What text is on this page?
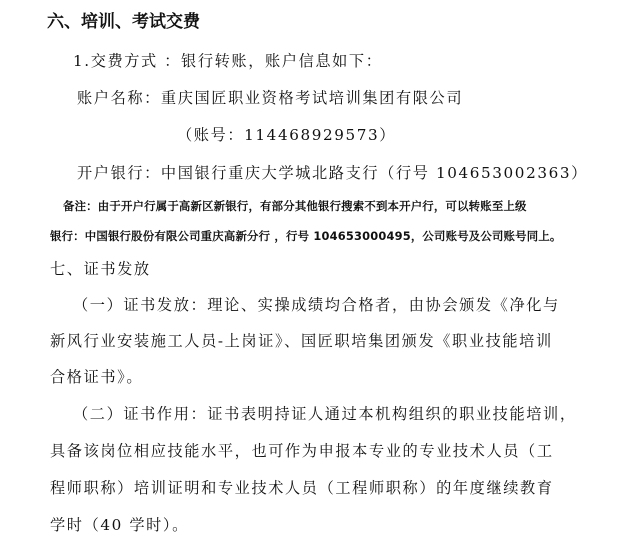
六、培训、考试交费
1.交费方式 ：银行转账，账户信息如下：
账户名称：重庆国匠职业资格考试培训集团有限公司
（账号：114468929573）
开户银行：中国银行重庆大学城北路支行（行号 104653002363）
备注：由于开户行属于高新区新银行，有部分其他银行搜索不到本开户行，可以转账至上级
银行：中国银行股份有限公司重庆高新分行 ，行号 104653000495，公司账号及公司账号同上。
七、证书发放
（一）证书发放：理论、实操成绩均合格者，由协会颁发《净化与
新风行业安装施工人员-上岗证》、国匠职培集团颁发《职业技能培训
合格证书》。
（二）证书作用：证书表明持证人通过本机构组织的职业技能培训，
具备该岗位相应技能水平，也可作为申报本专业的专业技术人员（工
程师职称）培训证明和专业技术人员（工程师职称）的年度继续教育
学时（40 学时）。
